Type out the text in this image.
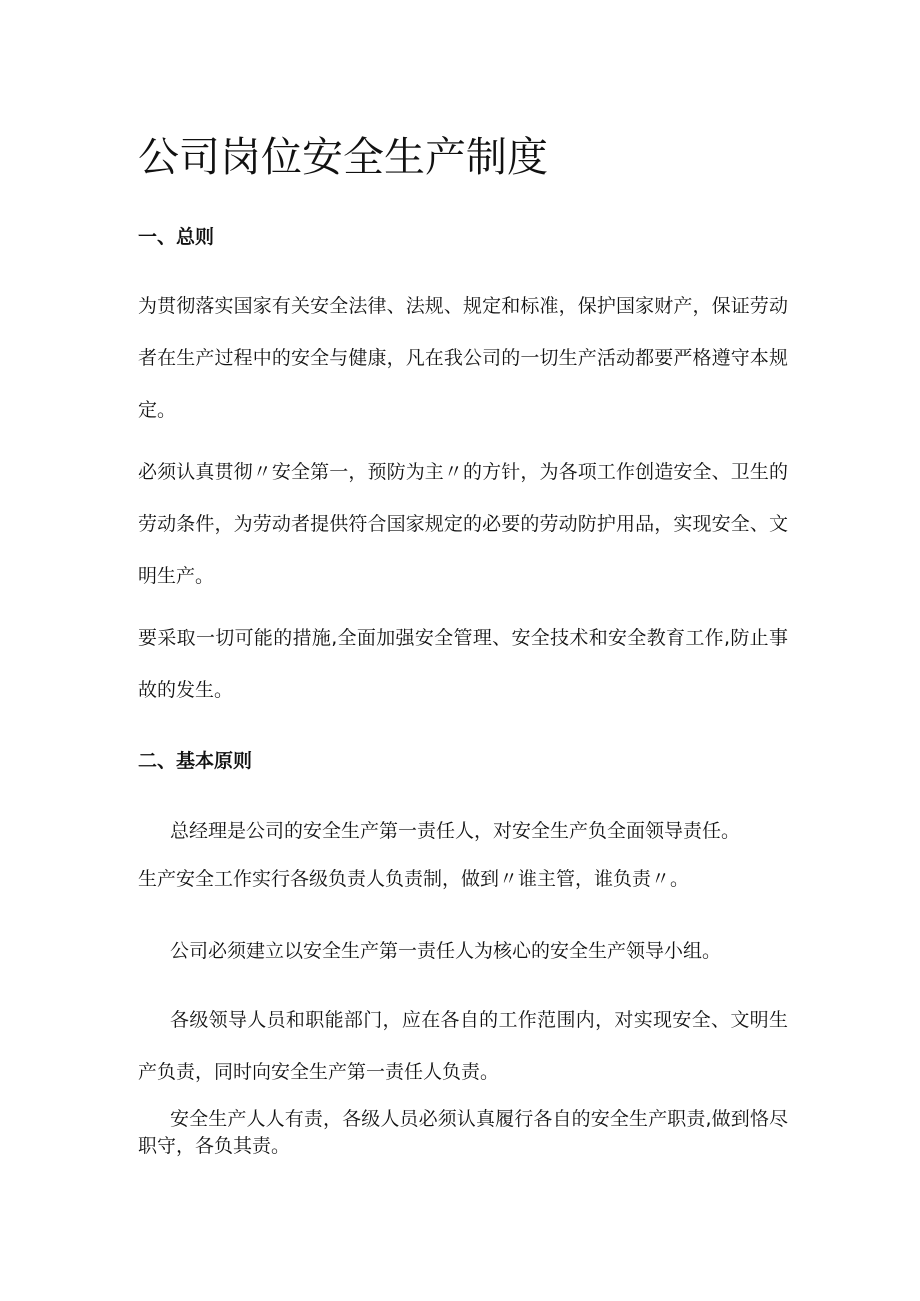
公司岗位安全生产制度
一、总则

为贯彻落实国家有关安全法律、法规、规定和标准，保护国家财产，保证劳动者在生产过程中的安全与健康，凡在我公司的一切生产活动都要严格遵守本规定。

必须认真贯彻〃安全第一，预防为主〃的方针，为各项工作创造安全、卫生的劳动条件，为劳动者提供符合国家规定的必要的劳动防护用品，实现安全、文明生产。

要采取一切可能的措施,全面加强安全管理、安全技术和安全教育工作,防止事故的发生。

二、基本原则

总经理是公司的安全生产第一责任人，对安全生产负全面领导责任。

生产安全工作实行各级负责人负责制，做到〃谁主管，谁负责〃。

公司必须建立以安全生产第一责任人为核心的安全生产领导小组。

各级领导人员和职能部门，应在各自的工作范围内，对实现安全、文明生产负责，同时向安全生产第一责任人负责。

安全生产人人有责，各级人员必须认真履行各自的安全生产职责,做到恪尽职守，各负其责。
